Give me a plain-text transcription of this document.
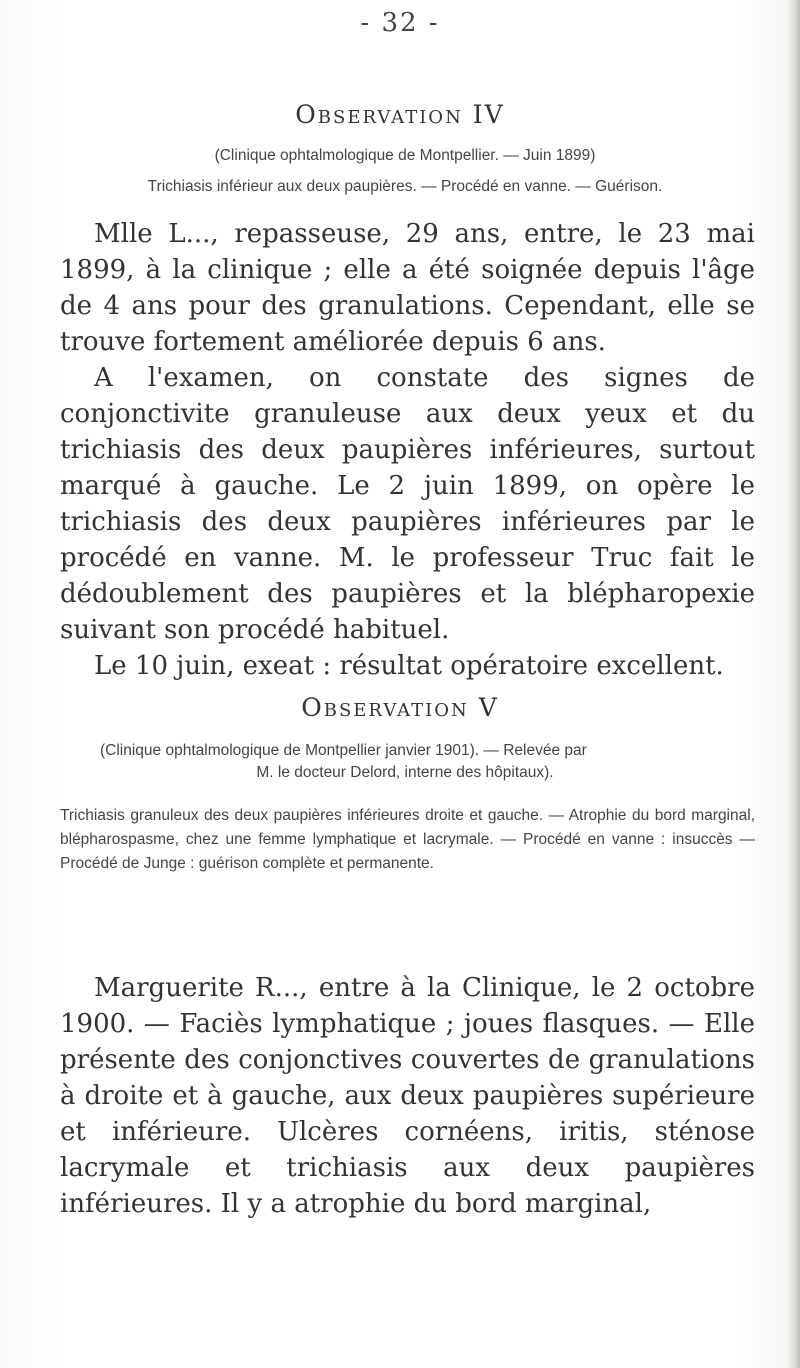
- 32 -
Observation IV
(Clinique ophtalmologique de Montpellier. — Juin 1899)
Trichiasis inférieur aux deux paupières. — Procédé en vanne. — Guérison.

Mlle L..., repasseuse, 29 ans, entre, le 23 mai 1899, à la clinique ; elle a été soignée depuis l'âge de 4 ans pour des granulations. Cependant, elle se trouve fortement améliorée depuis 6 ans.

A l'examen, on constate des signes de conjonctivite granuleuse aux deux yeux et du trichiasis des deux paupières inférieures, surtout marqué à gauche. Le 2 juin 1899, on opère le trichiasis des deux paupières inférieures par le procédé en vanne. M. le professeur Truc fait le dédoublement des paupières et la blépharopexie suivant son procédé habituel.

Le 10 juin, exeat : résultat opératoire excellent.

Observation V
(Clinique ophtalmologique de Montpellier janvier 1901). — Relevée par
M. le docteur Delord, interne des hôpitaux).

Trichiasis granuleux des deux paupières inférieures droite et gauche. — Atrophie du bord marginal, blépharospasme, chez une femme lymphatique et lacrymale. — Procédé en vanne : insuccès — Procédé de Junge : guérison complète et permanente.

Marguerite R..., entre à la Clinique, le 2 octobre 1900. — Faciès lymphatique ; joues flasques. — Elle présente des conjonctives couvertes de granulations à droite et à gauche, aux deux paupières supérieure et inférieure. Ulcères cornéens, iritis, sténose lacrymale et trichiasis aux deux paupières inférieures. Il y a atrophie du bord marginal,
